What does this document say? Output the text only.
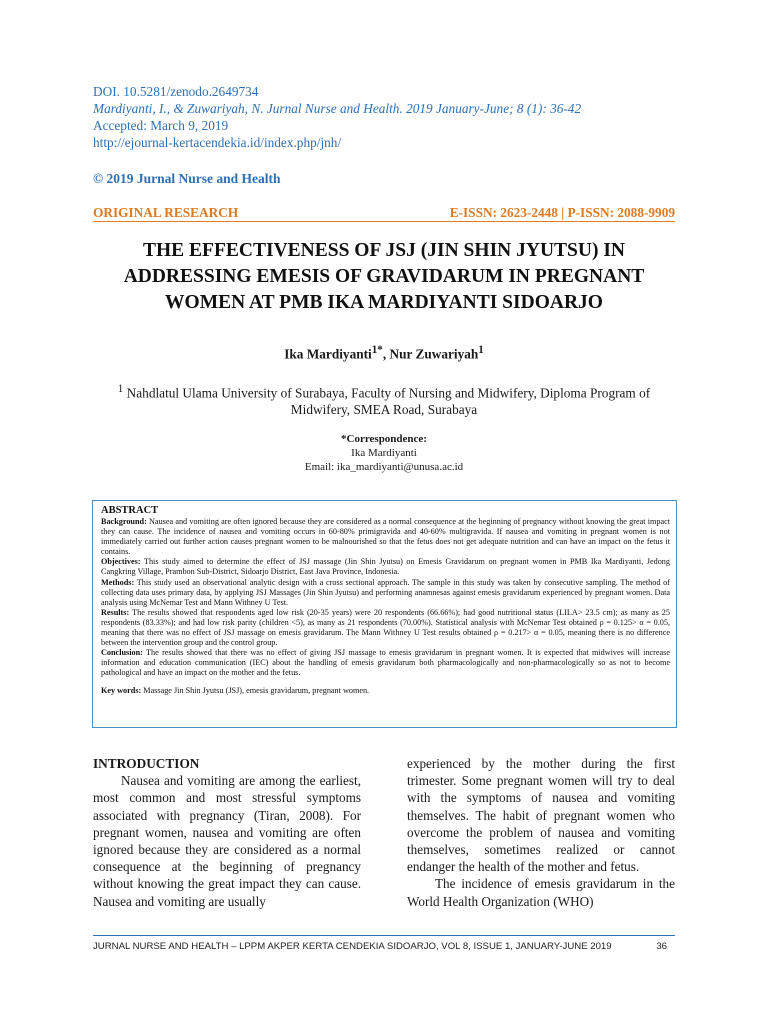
DOI. 10.5281/zenodo.2649734
Mardiyanti, I., & Zuwariyah, N. Jurnal Nurse and Health. 2019 January-June; 8 (1): 36-42
Accepted: March 9, 2019
http://ejournal-kertacendekia.id/index.php/jnh/
© 2019 Jurnal Nurse and Health
ORIGINAL RESEARCH	E-ISSN: 2623-2448 | P-ISSN: 2088-9909
THE EFFECTIVENESS OF JSJ (JIN SHIN JYUTSU) IN ADDRESSING EMESIS OF GRAVIDARUM IN PREGNANT WOMEN AT PMB IKA MARDIYANTI SIDOARJO
Ika Mardiyanti$^{1*}$, Nur Zuwariyah$^1$
$^1$ Nahdlatul Ulama University of Surabaya, Faculty of Nursing and Midwifery, Diploma Program of Midwifery, SMEA Road, Surabaya
*Correspondence:
Ika Mardiyanti
Email: ika_mardiyanti@unusa.ac.id
ABSTRACT

Background: Nausea and vomiting are often ignored because they are considered as a normal consequence at the beginning of pregnancy without knowing the great impact they can cause. The incidence of nausea and vomiting occurs in 60-80% primigravida and 40-60% multigravida. If nausea and vomiting in pregnant women is not immediately carried out further action causes pregnant women to be malnourished so that the fetus does not get adequate nutrition and can have an impact on the fetus it contains.

Objectives: This study aimed to determine the effect of JSJ massage (Jin Shin Jyutsu) on Emesis Gravidarum on pregnant women in PMB Ika Mardiyanti, Jedong Cangkring Village, Prambon Sub-District, Sidoarjo District, East Java Province, Indonesia.

Methods: This study used an observational analytic design with a cross sectional approach. The sample in this study was taken by consecutive sampling. The method of collecting data uses primary data, by applying JSJ Massages (Jin Shin Jyutsu) and performing anamnesas against emesis gravidarum experienced by pregnant women. Data analysis using McNemar Test and Mann Withney U Test.

Results: The results showed that respondents aged low risk (20-35 years) were 20 respondents (66.66%); had good nutritional status (LILA> 23.5 cm); as many as 25 respondents (83.33%); and had low risk parity (children <5), as many as 21 respondents (70.00%). Statistical analysis with McNemar Test obtained ρ = 0.125> α = 0.05, meaning that there was no effect of JSJ massage on emesis gravidarum. The Mann Withney U Test results obtained ρ = 0.217> α = 0.05, meaning there is no difference between the intervention group and the control group.

Conclusion: The results showed that there was no effect of giving JSJ massage to emesis gravidarum in pregnant women. It is expected that midwives will increase information and education communication (IEC) about the handling of emesis gravidarum both pharmacologically and non-pharmacologically so as not to become pathological and have an impact on the mother and the fetus.

Key words: Massage Jin Shin Jyutsu (JSJ), emesis gravidarum, pregnant women.

INTRODUCTION

Nausea and vomiting are among the earliest, most common and most stressful symptoms associated with pregnancy (Tiran, 2008). For pregnant women, nausea and vomiting are often ignored because they are considered as a normal consequence at the beginning of pregnancy without knowing the great impact they can cause. Nausea and vomiting are usually

experienced by the mother during the first trimester. Some pregnant women will try to deal with the symptoms of nausea and vomiting themselves. The habit of pregnant women who overcome the problem of nausea and vomiting themselves, sometimes realized or cannot endanger the health of the mother and fetus.

The incidence of emesis gravidarum in the World Health Organization (WHO)

JURNAL NURSE AND HEALTH – LPPM AKPER KERTA CENDEKIA SIDOARJO, VOL 8, ISSUE 1, JANUARY-JUNE 2019	36
